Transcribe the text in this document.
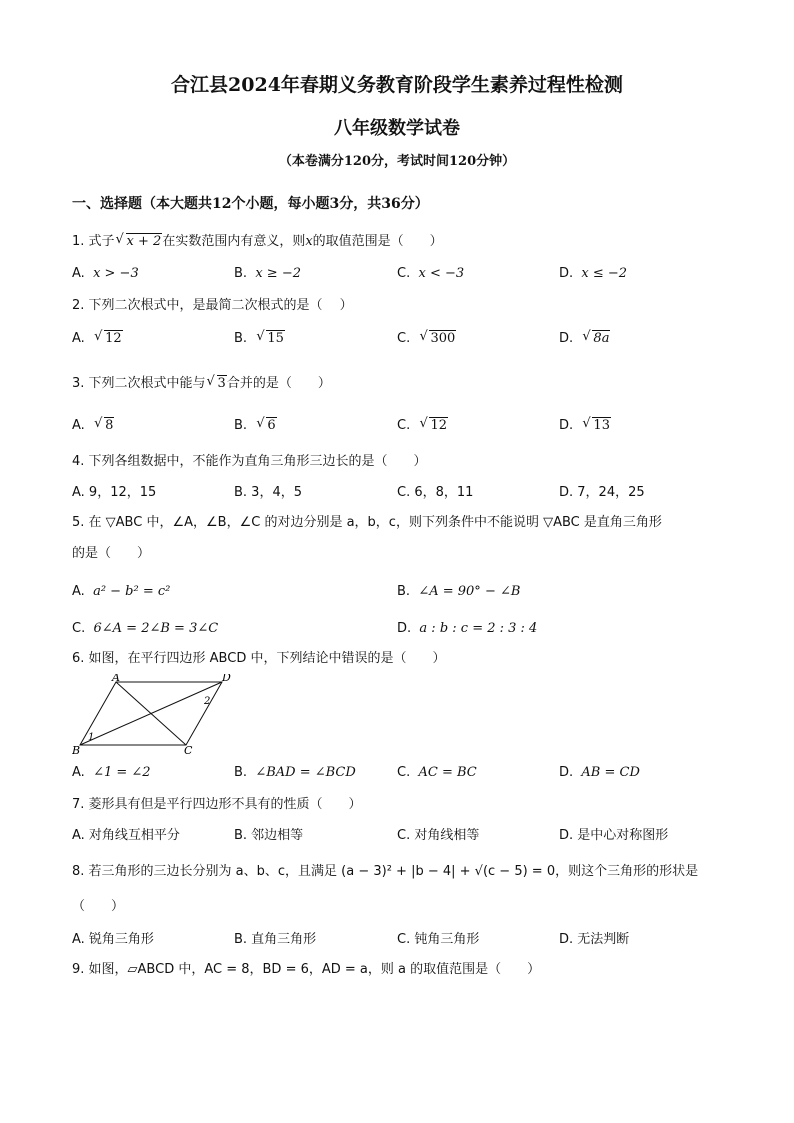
合江县2024年春期义务教育阶段学生素养过程性检测
八年级数学试卷
（本卷满分120分，考试时间120分钟）
一、选择题（本大题共12个小题，每小题3分，共36分）
1. 式子 √ x + 2在实数范围内有意义，则x的取值范围是（　　）
A. x > −3	B. x ≥ −2	C. x < −3	D. x ≤ −2
2. 下列二次根式中，是最简二次根式的是（　 ）
A. √ 12	B. √ 15	C. √ 300	D. √ 8a
3. 下列二次根式中能与 √ 3合并的是（　　）
A. √ 8	B. √ 6	C. √ 12	D. √ 13
4. 下列各组数据中，不能作为直角三角形三边长的是（　　）
A. 9，12，15	B. 3，4，5	C. 6，8，11	D. 7，24，25
5. 在 ▽ABC 中，∠A，∠B，∠C 的对边分别是 a，b，c，则下列条件中不能说明 ▽ABC 是直角三角形
的是（　　）
A. a² − b² = c²	B. ∠A = 90° − ∠B
C. 6∠A = 2∠B = 3∠C	D. a : b : c = 2 : 3 : 4
6. 如图，在平行四边形 ABCD 中，下列结论中错误的是（　　）
A	D
B	C
1
2
A. ∠1 = ∠2	B. ∠BAD = ∠BCD	C. AC = BC	D. AB = CD
7. 菱形具有但是平行四边形不具有的性质（　　）
A. 对角线互相平分	B. 邻边相等	C. 对角线相等	D. 是中心对称图形
8. 若三角形的三边长分别为 a、b、c，且满足 (a − 3)² + |b − 4| + √(c − 5) = 0，则这个三角形的形状是
（　　）
A. 锐角三角形	B. 直角三角形	C. 钝角三角形	D. 无法判断
9. 如图，▱ABCD 中，AC = 8，BD = 6，AD = a，则 a 的取值范围是（　　）
